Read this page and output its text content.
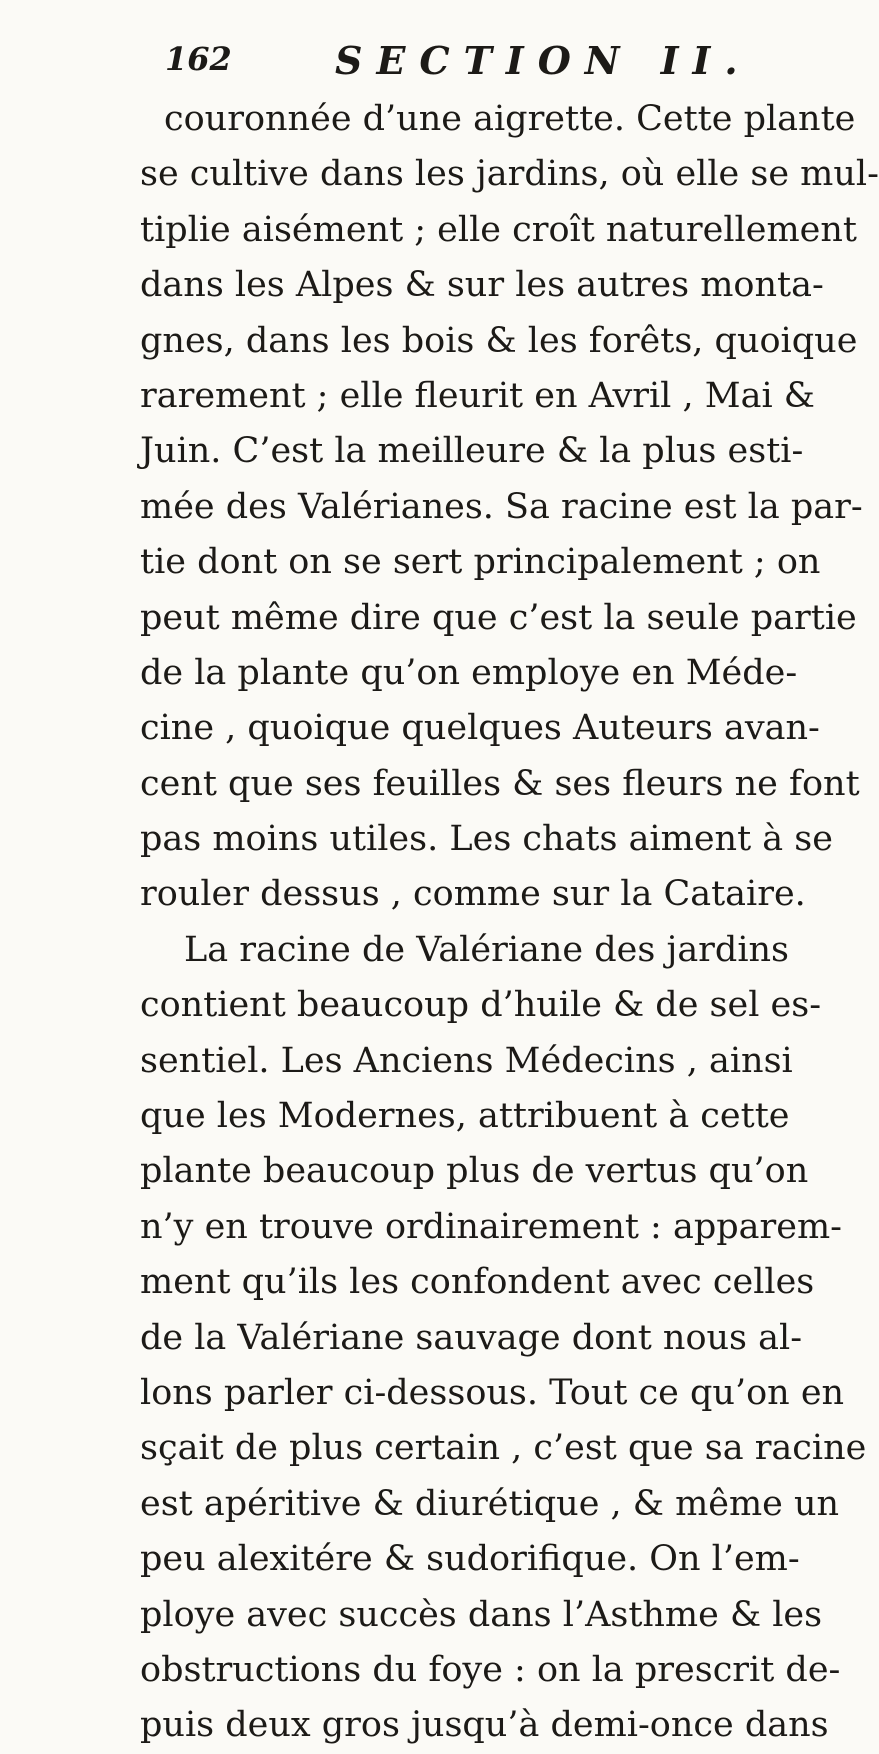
162	SECTION II.
couronnée d’une aigrette. Cette plante
se cultive dans les jardins, où elle se mul-
tiplie aisément ; elle croît naturellement
dans les Alpes & sur les autres monta-
gnes, dans les bois & les forêts, quoique
rarement ; elle fleurit en Avril , Mai &
Juin. C’est la meilleure & la plus esti-
mée des Valérianes. Sa racine est la par-
tie dont on se sert principalement ; on
peut même dire que c’est la seule partie
de la plante qu’on employe en Méde-
cine , quoique quelques Auteurs avan-
cent que ses feuilles & ses fleurs ne font
pas moins utiles. Les chats aiment à se
rouler dessus , comme sur la Cataire.
La racine de Valériane des jardins
contient beaucoup d’huile & de sel es-
sentiel. Les Anciens Médecins , ainsi
que les Modernes, attribuent à cette
plante beaucoup plus de vertus qu’on
n’y en trouve ordinairement : apparem-
ment qu’ils les confondent avec celles
de la Valériane sauvage dont nous al-
lons parler ci-dessous. Tout ce qu’on en
sçait de plus certain , c’est que sa racine
est apéritive & diurétique , & même un
peu alexitére & sudorifique. On l’em-
ploye avec succès dans l’Asthme & les
obstructions du foye : on la prescrit de-
puis deux gros jusqu’à demi-once dans
